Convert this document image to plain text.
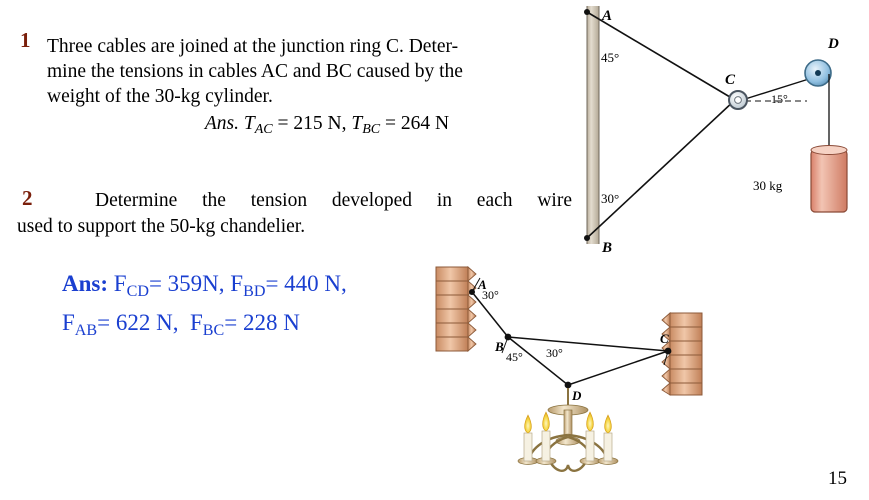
1 Three cables are joined at the junction ring C. Deter-
mine the tensions in cables AC and BC caused by the
weight of the 30-kg cylinder.
Ans. $T_{AC} = 215$ N, $T_{BC} = 264$ N
2	Determine the tension developed in each wire
used to support the 50-kg chandelier.
Ans: $F_{CD}= 359N$, $F_{BD}= 440$ N,
$F_{AB}= 622$ N, $F_{BC}= 228$ N
A
B
C
D
45°
30°
15°
30 kg
A
B
C
D
30°
45° 30°
15
